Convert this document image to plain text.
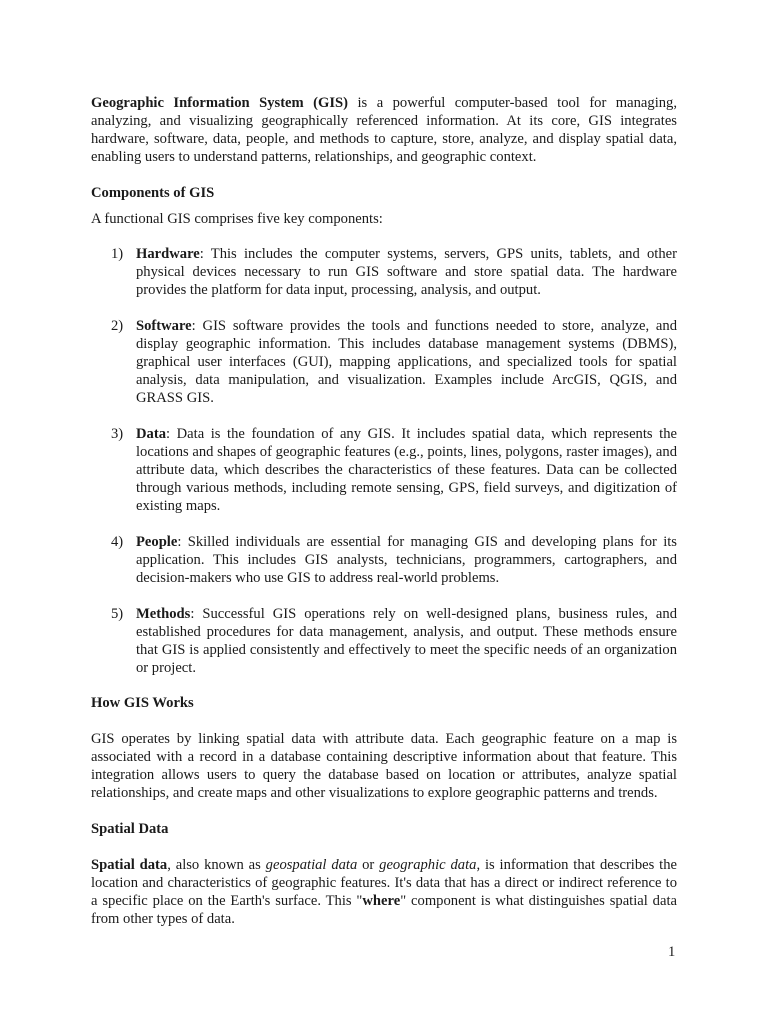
Geographic Information System (GIS) is a powerful computer-based tool for managing, analyzing, and visualizing geographically referenced information. At its core, GIS integrates hardware, software, data, people, and methods to capture, store, analyze, and display spatial data, enabling users to understand patterns, relationships, and geographic context.

Components of GIS

A functional GIS comprises five key components:

1) Hardware: This includes the computer systems, servers, GPS units, tablets, and other physical devices necessary to run GIS software and store spatial data. The hardware provides the platform for data input, processing, analysis, and output.
2) Software: GIS software provides the tools and functions needed to store, analyze, and display geographic information. This includes database management systems (DBMS), graphical user interfaces (GUI), mapping applications, and specialized tools for spatial analysis, data manipulation, and visualization. Examples include ArcGIS, QGIS, and GRASS GIS.
3) Data: Data is the foundation of any GIS. It includes spatial data, which represents the locations and shapes of geographic features (e.g., points, lines, polygons, raster images), and attribute data, which describes the characteristics of these features. Data can be collected through various methods, including remote sensing, GPS, field surveys, and digitization of existing maps.
4) People: Skilled individuals are essential for managing GIS and developing plans for its application. This includes GIS analysts, technicians, programmers, cartographers, and decision-makers who use GIS to address real-world problems.
5) Methods: Successful GIS operations rely on well-designed plans, business rules, and established procedures for data management, analysis, and output. These methods ensure that GIS is applied consistently and effectively to meet the specific needs of an organization or project.

How GIS Works

GIS operates by linking spatial data with attribute data. Each geographic feature on a map is associated with a record in a database containing descriptive information about that feature. This integration allows users to query the database based on location or attributes, analyze spatial relationships, and create maps and other visualizations to explore geographic patterns and trends.

Spatial Data

Spatial data, also known as geospatial data or geographic data, is information that describes the location and characteristics of geographic features. It's data that has a direct or indirect reference to a specific place on the Earth's surface. This "where" component is what distinguishes spatial data from other types of data.

1
